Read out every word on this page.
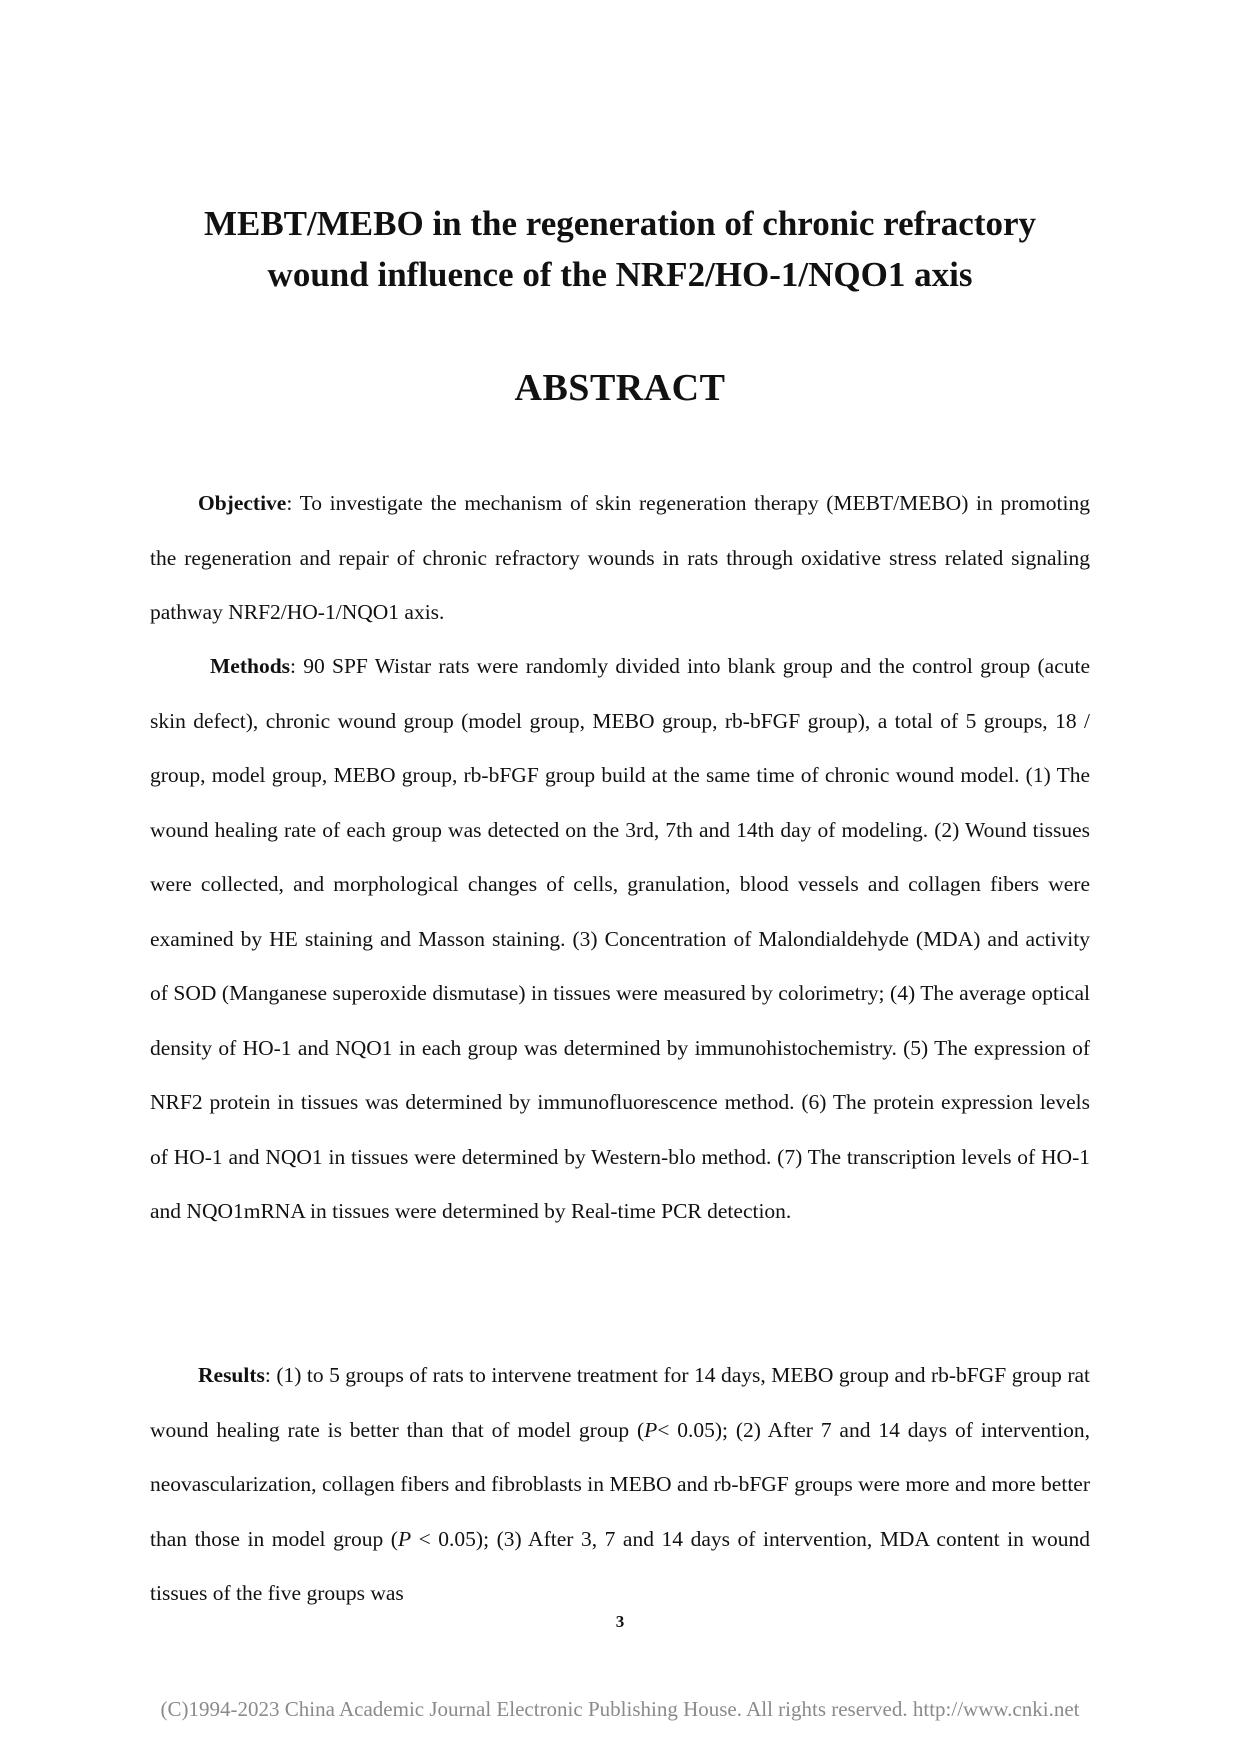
MEBT/MEBO in the regeneration of chronic refractory
wound influence of the NRF2/HO-1/NQO1 axis
ABSTRACT

Objective: To investigate the mechanism of skin regeneration therapy (MEBT/MEBO) in promoting the regeneration and repair of chronic refractory wounds in rats through oxidative stress related signaling pathway NRF2/HO-1/NQO1 axis.

Methods: 90 SPF Wistar rats were randomly divided into blank group and the control group (acute skin defect), chronic wound group (model group, MEBO group, rb-bFGF group), a total of 5 groups, 18 / group, model group, MEBO group, rb-bFGF group build at the same time of chronic wound model. (1) The wound healing rate of each group was detected on the 3rd, 7th and 14th day of modeling. (2) Wound tissues were collected, and morphological changes of cells, granulation, blood vessels and collagen fibers were examined by HE staining and Masson staining. (3) Concentration of Malondialdehyde (MDA) and activity of SOD (Manganese superoxide dismutase) in tissues were measured by colorimetry; (4) The average optical density of HO-1 and NQO1 in each group was determined by immunohistochemistry. (5) The expression of NRF2 protein in tissues was determined by immunofluorescence method. (6) The protein expression levels of HO-1 and NQO1 in tissues were determined by Western-blo method. (7) The transcription levels of HO-1 and NQO1mRNA in tissues were determined by Real-time PCR detection.

Results: (1) to 5 groups of rats to intervene treatment for 14 days, MEBO group and rb-bFGF group rat wound healing rate is better than that of model group (P< 0.05); (2) After 7 and 14 days of intervention, neovascularization, collagen fibers and fibroblasts in MEBO and rb-bFGF groups were more and more better than those in model group (P < 0.05); (3) After 3, 7 and 14 days of intervention, MDA content in wound tissues of the five groups was

3
(C)1994-2023 China Academic Journal Electronic Publishing House. All rights reserved. http://www.cnki.net
